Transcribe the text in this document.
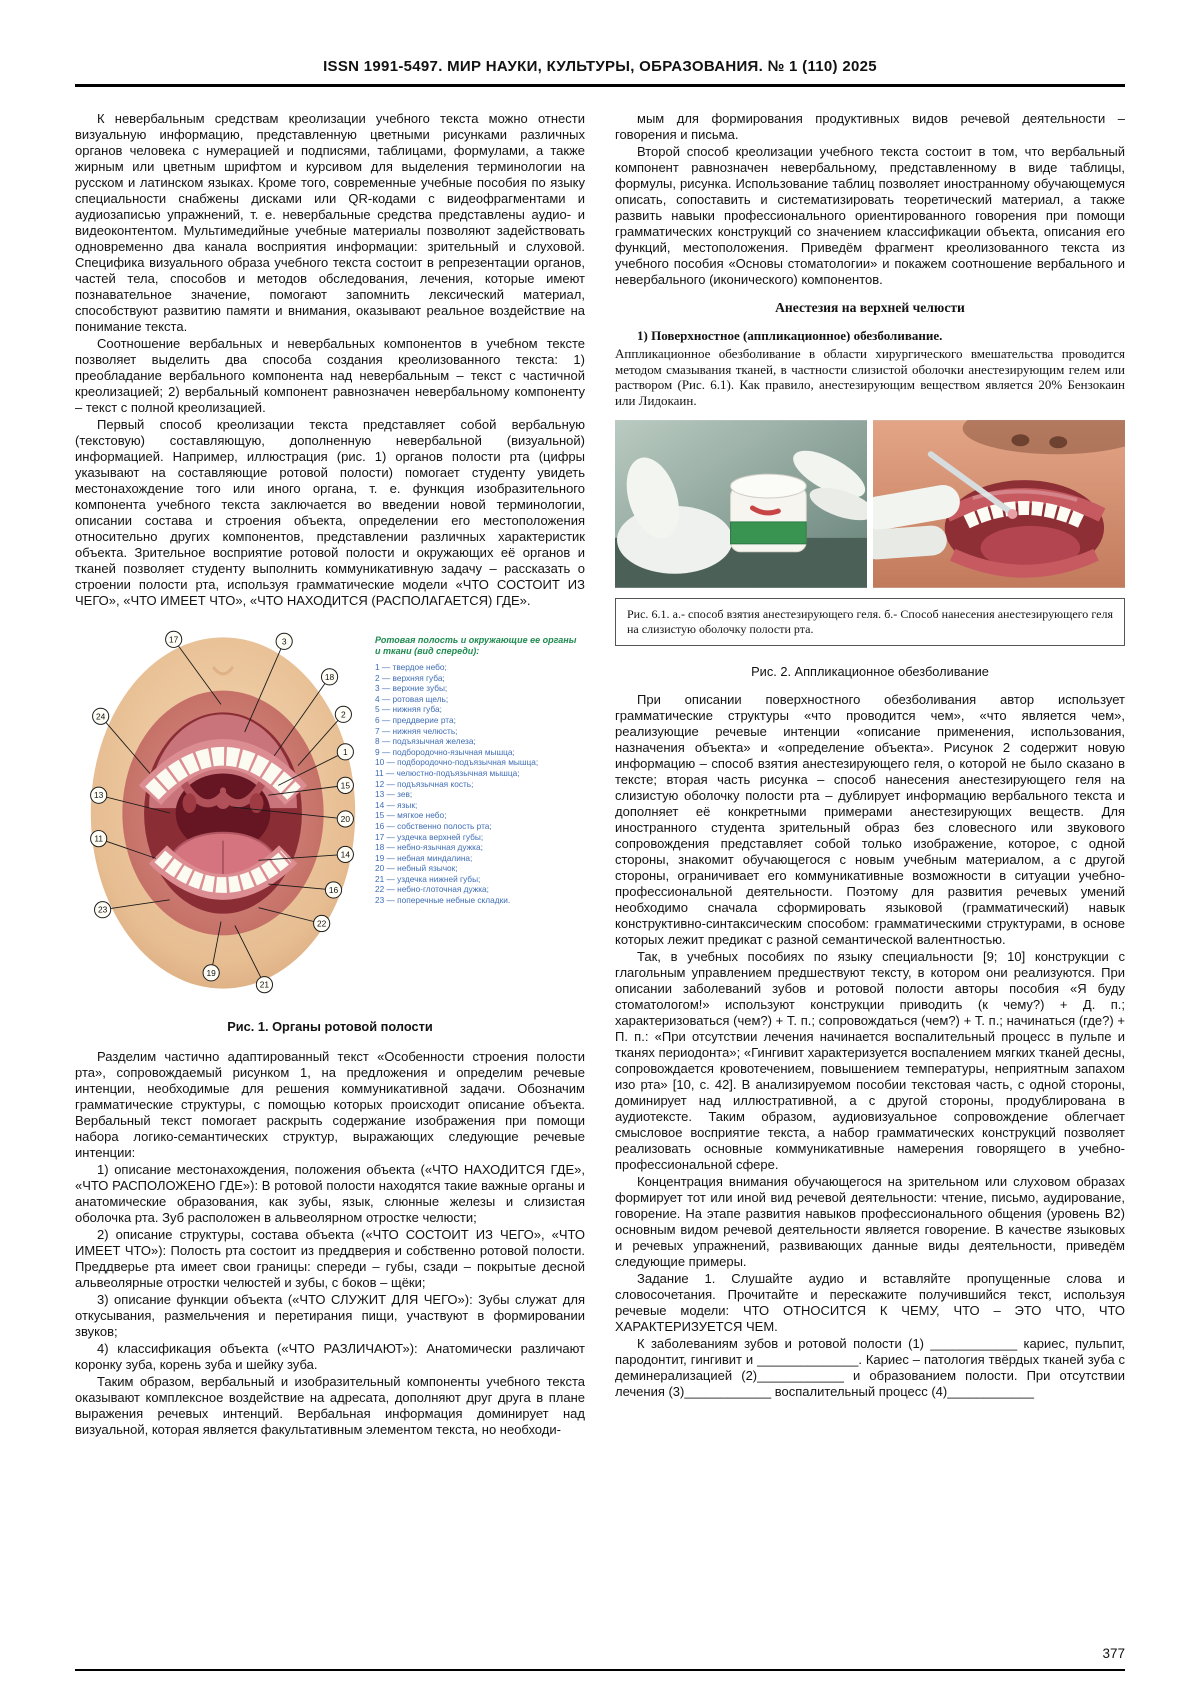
ISSN 1991-5497. МИР НАУКИ, КУЛЬТУРЫ, ОБРАЗОВАНИЯ. № 1 (110) 2025

К невербальным средствам креолизации учебного текста можно отнести визуальную информацию, представленную цветными рисунками различных органов человека с нумерацией и подписями, таблицами, формулами, а также жирным или цветным шрифтом и курсивом для выделения терминологии на русском и латинском языках. Кроме того, современные учебные пособия по языку специальности снабжены дисками или QR-кодами с видеофрагментами и аудиозаписью упражнений, т. е. невербальные средства представлены аудио- и видеоконтентом. Мультимедийные учебные материалы позволяют задействовать одновременно два канала восприятия информации: зрительный и слуховой. Специфика визуального образа учебного текста состоит в репрезентации органов, частей тела, способов и методов обследования, лечения, которые имеют познавательное значение, помогают запомнить лексический материал, способствуют развитию памяти и внимания, оказывают реальное воздействие на понимание текста.

Соотношение вербальных и невербальных компонентов в учебном тексте позволяет выделить два способа создания креолизованного текста: 1) преобладание вербального компонента над невербальным – текст с частичной креолизацией; 2) вербальный компонент равнозначен невербальному компоненту – текст с полной креолизацией.

Первый способ креолизации текста представляет собой вербальную (текстовую) составляющую, дополненную невербальной (визуальной) информацией. Например, иллюстрация (рис. 1) органов полости рта (цифры указывают на составляющие ротовой полости) помогает студенту увидеть местонахождение того или иного органа, т. е. функция изобразительного компонента учебного текста заключается во введении новой терминологии, описании состава и строения объекта, определении его местоположения относительно других компонентов, представлении различных характеристик объекта. Зрительное восприятие ротовой полости и окружающих её органов и тканей позволяет студенту выполнить коммуникативную задачу – рассказать о строении полости рта, используя грамматические модели «ЧТО СОСТОИТ ИЗ ЧЕГО», «ЧТО ИМЕЕТ ЧТО», «ЧТО НАХОДИТСЯ (РАСПОЛАГАЕТСЯ) ГДЕ».

17	3
18
2
24
1
13
15
20
11
14
23
16
22
19
21
Ротовая полость и окружающие ее органы и ткани (вид спереди):
1 — твердое небо;
2 — верхняя губа;
3 — верхние зубы;
4 — ротовая щель;
5 — нижняя губа;
6 — преддверие рта;
7 — нижняя челюсть;
8 — подъязычная железа;
9 — подбородочно-язычная мышца;
10 — подбородочно-подъязычная мышца;
11 — челюстно-подъязычная мышца;
12 — подъязычная кость;
13 — зев;
14 — язык;
15 — мягкое небо;
16 — собственно полость рта;
17 — уздечка верхней губы;
18 — небно-язычная дужка;
19 — небная миндалина;
20 — небный язычок;
21 — уздечка нижней губы;
22 — небно-глоточная дужка;
23 — поперечные небные складки.
Рис. 1. Органы ротовой полости

Разделим частично адаптированный текст «Особенности строения полости рта», сопровождаемый рисунком 1, на предложения и определим речевые интенции, необходимые для решения коммуникативной задачи. Обозначим грамматические структуры, с помощью которых происходит описание объекта. Вербальный текст помогает раскрыть содержание изображения при помощи набора логико-семантических структур, выражающих следующие речевые интенции:

1) описание местонахождения, положения объекта («ЧТО НАХОДИТСЯ ГДЕ», «ЧТО РАСПОЛОЖЕНО ГДЕ»): В ротовой полости находятся такие важные органы и анатомические образования, как зубы, язык, слюнные железы и слизистая оболочка рта. Зуб расположен в альвеолярном отростке челюсти;

2) описание структуры, состава объекта («ЧТО СОСТОИТ ИЗ ЧЕГО», «ЧТО ИМЕЕТ ЧТО»): Полость рта состоит из преддверия и собственно ротовой полости. Преддверье рта имеет свои границы: спереди – губы, сзади – покрытые десной альвеолярные отростки челюстей и зубы, с боков – щёки;

3) описание функции объекта («ЧТО СЛУЖИТ ДЛЯ ЧЕГО»): Зубы служат для откусывания, размельчения и перетирания пищи, участвуют в формировании звуков;

4) классификация объекта («ЧТО РАЗЛИЧАЮТ»): Анатомически различают коронку зуба, корень зуба и шейку зуба.

Таким образом, вербальный и изобразительный компоненты учебного текста оказывают комплексное воздействие на адресата, дополняют друг друга в плане выражения речевых интенций. Вербальная информация доминирует над визуальной, которая является факультативным элементом текста, но необходи-

мым для формирования продуктивных видов речевой деятельности – говорения и письма.

Второй способ креолизации учебного текста состоит в том, что вербальный компонент равнозначен невербальному, представленному в виде таблицы, формулы, рисунка. Использование таблиц позволяет иностранному обучающемуся описать, сопоставить и систематизировать теоретический материал, а также развить навыки профессионального ориентированного говорения при помощи грамматических конструкций со значением классификации объекта, описания его функций, местоположения. Приведём фрагмент креолизованного текста из учебного пособия «Основы стоматологии» и покажем соотношение вербального и невербального (иконического) компонентов.

Анестезия на верхней челюсти
1) Поверхностное (аппликационное) обезболивание.

Аппликационное обезболивание в области хирургического вмешательства проводится методом смазывания тканей, в частности слизистой оболочки анестезирующим гелем или раствором (Рис. 6.1). Как правило, анестезирующим веществом является 20% Бензокаин или Лидокаин.

Рис. 6.1. а.- способ взятия анестезирующего геля. б.- Способ нанесения анестезирующего геля на слизистую оболочку полости рта.
Рис. 2. Аппликационное обезболивание

При описании поверхностного обезболивания автор использует грамматические структуры «что проводится чем», «что является чем», реализующие речевые интенции «описание применения, использования, назначения объекта» и «определение объекта». Рисунок 2 содержит новую информацию – способ взятия анестезирующего геля, о которой не было сказано в тексте; вторая часть рисунка – способ нанесения анестезирующего геля на слизистую оболочку полости рта – дублирует информацию вербального текста и дополняет её конкретными примерами анестезирующих веществ. Для иностранного студента зрительный образ без словесного или звукового сопровождения представляет собой только изображение, которое, с одной стороны, знакомит обучающегося с новым учебным материалом, а с другой стороны, ограничивает его коммуникативные возможности в ситуации учебно-профессиональной деятельности. Поэтому для развития речевых умений необходимо сначала сформировать языковой (грамматический) навык конструктивно-синтаксическим способом: грамматическими структурами, в основе которых лежит предикат с разной семантической валентностью.

Так, в учебных пособиях по языку специальности [9; 10] конструкции с глагольным управлением предшествуют тексту, в котором они реализуются. При описании заболеваний зубов и ротовой полости авторы пособия «Я буду стоматологом!» используют конструкции приводить (к чему?) + Д. п.; характеризоваться (чем?) + Т. п.; сопровождаться (чем?) + Т. п.; начинаться (где?) + П. п.: «При отсутствии лечения начинается воспалительный процесс в пульпе и тканях периодонта»; «Гингивит характеризуется воспалением мягких тканей десны, сопровождается кровотечением, повышением температуры, неприятным запахом изо рта» [10, с. 42]. В анализируемом пособии текстовая часть, с одной стороны, доминирует над иллюстративной, а с другой стороны, продублирована в аудиотексте. Таким образом, аудиовизуальное сопровождение облегчает смысловое восприятие текста, а набор грамматических конструкций позволяет реализовать основные коммуникативные намерения говорящего в учебно-профессиональной сфере.

Концентрация внимания обучающегося на зрительном или слуховом образах формирует тот или иной вид речевой деятельности: чтение, письмо, аудирование, говорение. На этапе развития навыков профессионального общения (уровень B2) основным видом речевой деятельности является говорение. В качестве языковых и речевых упражнений, развивающих данные виды деятельности, приведём следующие примеры.

Задание 1. Слушайте аудио и вставляйте пропущенные слова и словосочетания. Прочитайте и перескажите получившийся текст, используя речевые модели: ЧТО ОТНОСИТСЯ К ЧЕМУ, ЧТО – ЭТО ЧТО, ЧТО ХАРАКТЕРИЗУЕТСЯ ЧЕМ.

К заболеваниям зубов и ротовой полости (1) ____________ кариес, пульпит, пародонтит, гингивит и ______________. Кариес – патология твёрдых тканей зуба с деминерализацией (2)____________ и образованием полости. При отсутствии лечения (3)____________ воспалительный процесс (4)____________

377
